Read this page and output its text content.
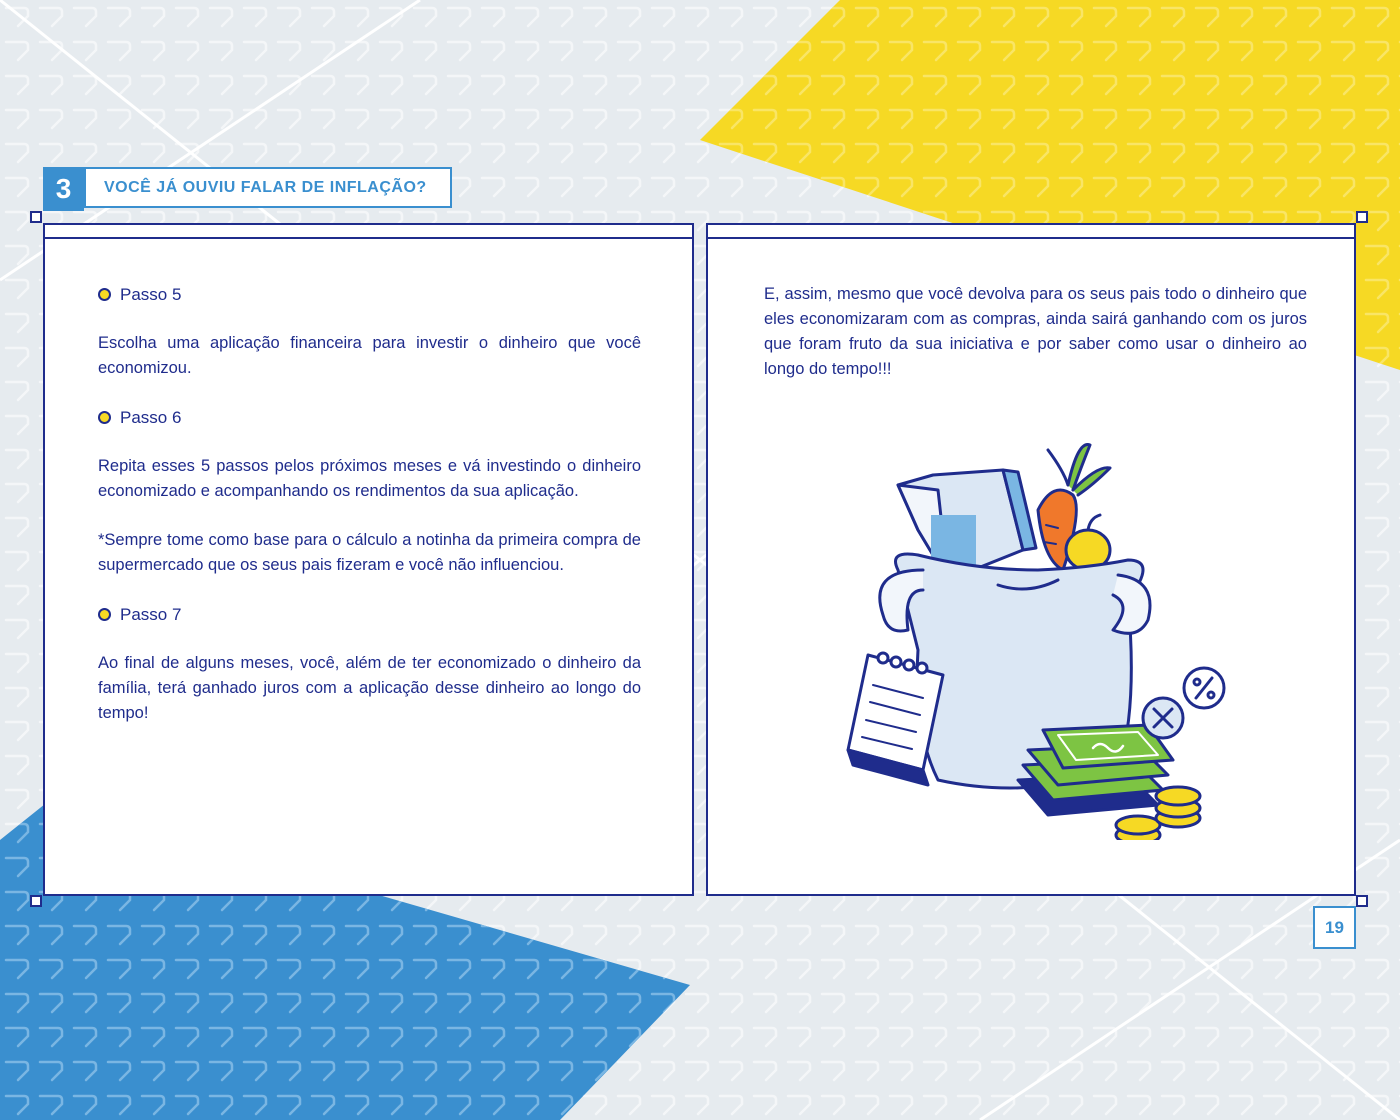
3	VOCÊ JÁ OUVIU FALAR DE INFLAÇÃO?
Passo 5

Escolha uma aplicação financeira para investir o dinheiro que você economizou.

Passo 6

Repita esses 5 passos pelos próximos meses e vá investindo o dinheiro economizado e acompanhando os rendimentos da sua aplicação.

*Sempre tome como base para o cálculo a notinha da primeira compra de supermercado que os seus pais fizeram e você não influenciou.

Passo 7

Ao final de alguns meses, você, além de ter economizado o dinheiro da família, terá ganhado juros com a aplicação desse dinheiro ao longo do tempo!

E, assim, mesmo que você devolva para os seus pais todo o dinheiro que eles economizaram com as compras, ainda sairá ganhando com os juros que foram fruto da sua iniciativa e por saber como usar o dinheiro ao longo do tempo!!!

19
